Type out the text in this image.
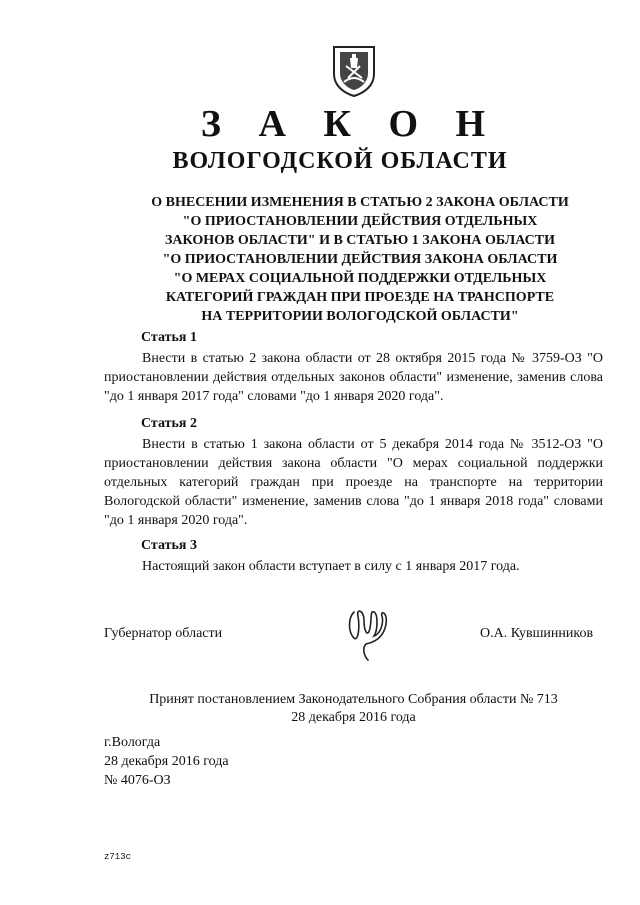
З А К О Н
ВОЛОГОДСКОЙ ОБЛАСТИ
О ВНЕСЕНИИ ИЗМЕНЕНИЯ В СТАТЬЮ 2 ЗАКОНА ОБЛАСТИ
"О ПРИОСТАНОВЛЕНИИ ДЕЙСТВИЯ ОТДЕЛЬНЫХ
ЗАКОНОВ ОБЛАСТИ" И В СТАТЬЮ 1 ЗАКОНА ОБЛАСТИ
"О ПРИОСТАНОВЛЕНИИ ДЕЙСТВИЯ ЗАКОНА ОБЛАСТИ
"О МЕРАХ СОЦИАЛЬНОЙ ПОДДЕРЖКИ ОТДЕЛЬНЫХ
КАТЕГОРИЙ ГРАЖДАН ПРИ ПРОЕЗДЕ НА ТРАНСПОРТЕ
НА ТЕРРИТОРИИ ВОЛОГОДСКОЙ ОБЛАСТИ"
Статья 1
Внести в статью 2 закона области от 28 октября 2015 года № 3759-ОЗ "О приостановлении действия отдельных законов области" изменение, заменив слова "до 1 января 2017 года" словами "до 1 января 2020 года".
Статья 2
Внести в статью 1 закона области от 5 декабря 2014 года № 3512-ОЗ "О приостановлении действия закона области "О мерах социальной поддержки отдельных категорий граждан при проезде на транспорте на территории Вологодской области" изменение, заменив слова "до 1 января 2018 года" словами "до 1 января 2020 года".
Статья 3
Настоящий закон области вступает в силу с 1 января 2017 года.
Губернатор области	О.А. Кувшинников
Принят постановлением Законодательного Собрания области № 713
28 декабря 2016 года
г.Вологда
28 декабря 2016 года
№ 4076-ОЗ
z713c
